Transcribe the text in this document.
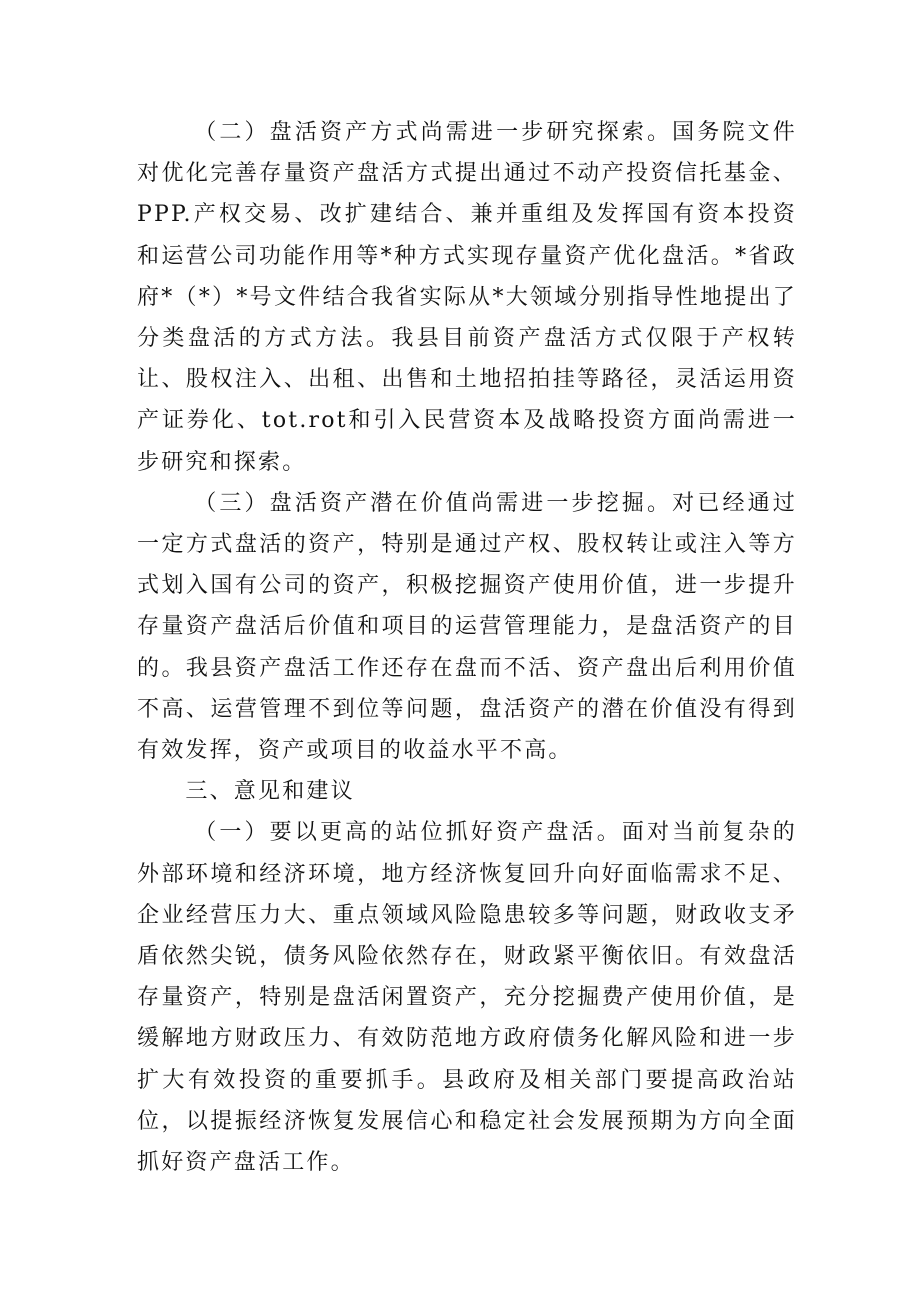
（二）盘活资产方式尚需进一步研究探索。国务院文件对优化完善存量资产盘活方式提出通过不动产投资信托基金、PPP.产权交易、改扩建结合、兼并重组及发挥国有资本投资和运营公司功能作用等*种方式实现存量资产优化盘活。*省政府*（*）*号文件结合我省实际从*大领域分别指导性地提出了分类盘活的方式方法。我县目前资产盘活方式仅限于产权转让、股权注入、出租、出售和土地招拍挂等路径，灵活运用资产证券化、tot.rot和引入民营资本及战略投资方面尚需进一步研究和探索。

（三）盘活资产潜在价值尚需进一步挖掘。对已经通过一定方式盘活的资产，特别是通过产权、股权转让或注入等方式划入国有公司的资产，积极挖掘资产使用价值，进一步提升存量资产盘活后价值和项目的运营管理能力，是盘活资产的目的。我县资产盘活工作还存在盘而不活、资产盘出后利用价值不高、运营管理不到位等问题，盘活资产的潜在价值没有得到有效发挥，资产或项目的收益水平不高。

三、意见和建议

（一）要以更高的站位抓好资产盘活。面对当前复杂的外部环境和经济环境，地方经济恢复回升向好面临需求不足、企业经营压力大、重点领域风险隐患较多等问题，财政收支矛盾依然尖锐，债务风险依然存在，财政紧平衡依旧。有效盘活存量资产，特别是盘活闲置资产，充分挖掘费产使用价值，是缓解地方财政压力、有效防范地方政府债务化解风险和进一步扩大有效投资的重要抓手。县政府及相关部门要提高政治站位，以提振经济恢复发展信心和稳定社会发展预期为方向全面抓好资产盘活工作。
